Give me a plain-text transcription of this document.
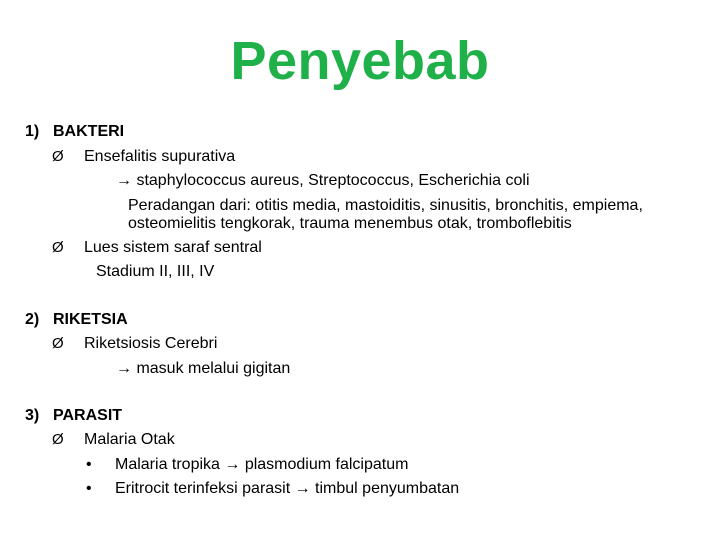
Penyebab
1) BAKTERI
Ø Ensefalitis supurativa
→ staphylococcus aureus, Streptococcus, Escherichia coli
Peradangan dari: otitis media, mastoiditis, sinusitis, bronchitis, empiema,
osteomielitis tengkorak, trauma menembus otak, tromboflebitis
Ø Lues sistem saraf sentral
Stadium II, III, IV
2) RIKETSIA
Ø Riketsiosis Cerebri
→ masuk melalui gigitan
3) PARASIT
Ø Malaria Otak
• Malaria tropika → plasmodium falcipatum
• Eritrocit terinfeksi parasit → timbul penyumbatan
